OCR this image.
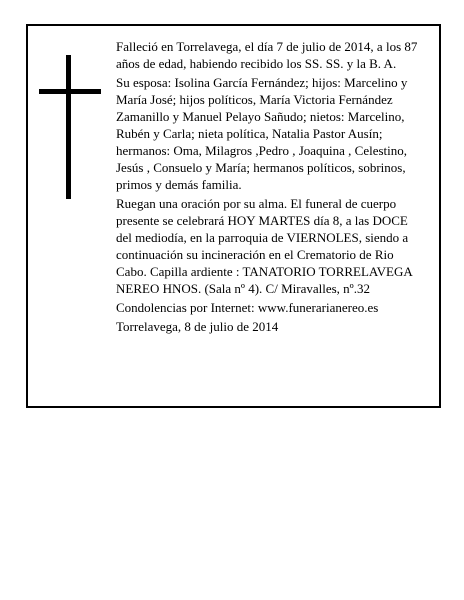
Falleció en Torrelavega, el día 7 de julio de 2014, a los 87 años de edad, habiendo recibido los SS. SS. y la B. A.

Su esposa: Isolina García Fernández; hijos: Marcelino y María José; hijos políticos, María Victoria Fernández Zamanillo y Manuel Pelayo Sañudo; nietos: Marcelino, Rubén y Carla; nieta política, Natalia Pastor Ausín; hermanos: Oma, Milagros ,Pedro , Joaquina , Celestino, Jesús , Consuelo y María; hermanos políticos, sobrinos, primos y demás familia.

Ruegan una oración por su alma. El funeral de cuerpo presente se celebrará HOY MARTES día 8, a las DOCE del mediodía, en la parroquia de VIERNOLES, siendo a continuación su incineración en el Crematorio de Rio Cabo. Capilla ardiente : TANATORIO TORRELAVEGA NEREO HNOS. (Sala nº 4). C/ Miravalles, nº.32

Condolencias por Internet: www.funerarianereo.es

Torrelavega, 8 de julio de 2014
